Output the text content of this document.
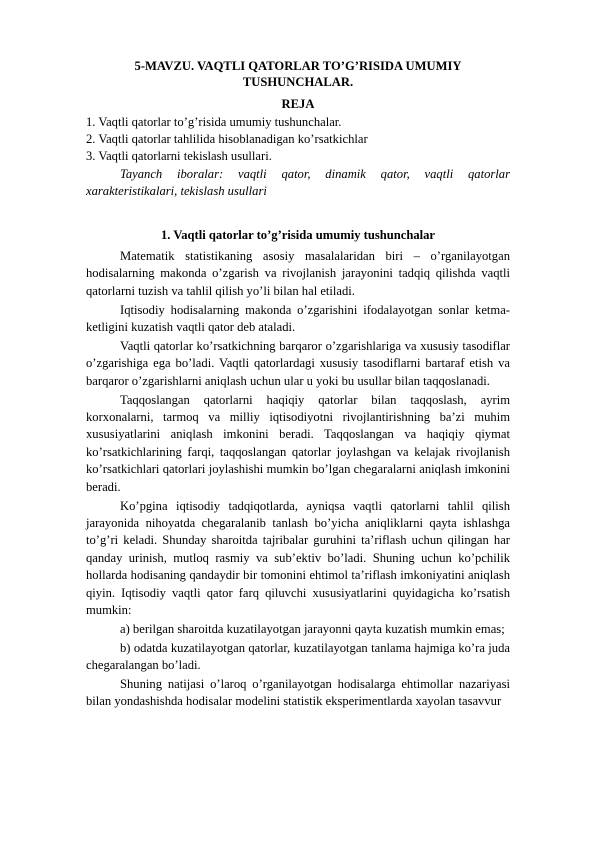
5-MAVZU. VAQTLI QATORLAR TO’G’RISIDA UMUMIY TUSHUNCHALAR.
REJA
1. Vaqtli qatorlar to’g’risida umumiy tushunchalar.
2. Vaqtli qatorlar tahlilida hisoblanadigan ko’rsatkichlar
3. Vaqtli qatorlarni tekislash usullari.

Tayanch iboralar: vaqtli qator, dinamik qator, vaqtli qatorlar xarakteristikalari, tekislash usullari

1. Vaqtli qatorlar to’g’risida umumiy tushunchalar

Matematik statistikaning asosiy masalalaridan biri – o’rganilayotgan hodisalarning makonda o’zgarish va rivojlanish jarayonini tadqiq qilishda vaqtli qatorlarni tuzish va tahlil qilish yo’li bilan hal etiladi.

Iqtisodiy hodisalarning makonda o’zgarishini ifodalayotgan sonlar ketma-ketligini kuzatish vaqtli qator deb ataladi.

Vaqtli qatorlar ko’rsatkichning barqaror o’zgarishlariga va xususiy tasodiflar o’zgarishiga ega bo’ladi. Vaqtli qatorlardagi xususiy tasodiflarni bartaraf etish va barqaror o’zgarishlarni aniqlash uchun ular u yoki bu usullar bilan taqqoslanadi.

Taqqoslangan qatorlarni haqiqiy qatorlar bilan taqqoslash, ayrim korxonalarni, tarmoq va milliy iqtisodiyotni rivojlantirishning ba’zi muhim xususiyatlarini aniqlash imkonini beradi. Taqqoslangan va haqiqiy qiymat ko’rsatkichlarining farqi, taqqoslangan qatorlar joylashgan va kelajak rivojlanish ko’rsatkichlari qatorlari joylashishi mumkin bo’lgan chegaralarni aniqlash imkonini beradi.

Ko’pgina iqtisodiy tadqiqotlarda, ayniqsa vaqtli qatorlarni tahlil qilish jarayonida nihoyatda chegaralanib tanlash bo’yicha aniqliklarni qayta ishlashga to’g’ri keladi. Shunday sharoitda tajribalar guruhini ta’riflash uchun qilingan har qanday urinish, mutloq rasmiy va sub’ektiv bo’ladi. Shuning uchun ko’pchilik hollarda hodisaning qandaydir bir tomonini ehtimol ta’riflash imkoniyatini aniqlash qiyin. Iqtisodiy vaqtli qator farq qiluvchi xususiyatlarini quyidagicha ko’rsatish mumkin:

a) berilgan sharoitda kuzatilayotgan jarayonni qayta kuzatish mumkin emas;

b) odatda kuzatilayotgan qatorlar, kuzatilayotgan tanlama hajmiga ko’ra juda chegaralangan bo’ladi.

Shuning natijasi o’laroq o’rganilayotgan hodisalarga ehtimollar nazariyasi bilan yondashishda hodisalar modelini statistik eksperimentlarda xayolan tasavvur
